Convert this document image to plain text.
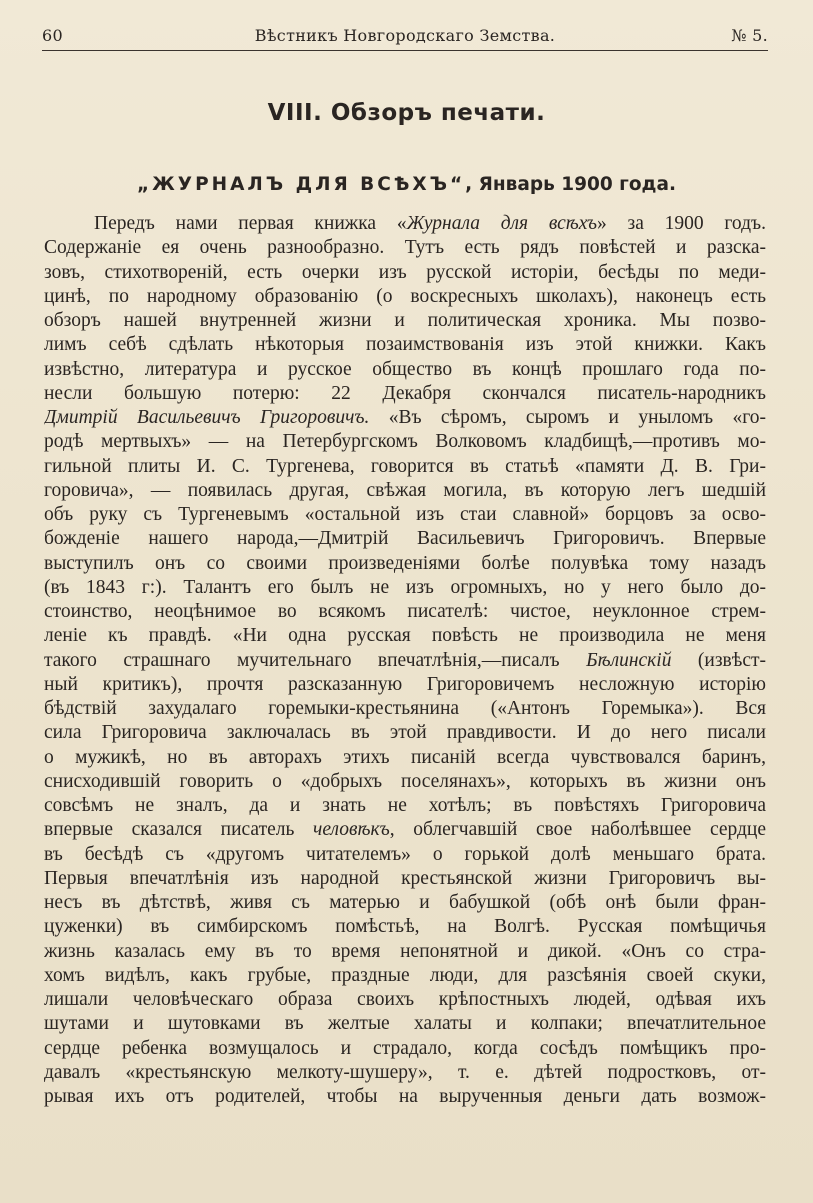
60	Вѣстникъ Новгородскаго Земства.	№ 5.
VIII. Обзоръ печати.
„ЖУРНАЛЪ ДЛЯ ВСѢХЪ“, Январь 1900 года.
Передъ нами первая книжка «Журнала для всѣхъ» за 1900 годъ.
Содержаніе ея очень разнообразно. Тутъ есть рядъ повѣстей и разска-
зовъ, стихотвореній, есть очерки изъ русской исторіи, бесѣды по меди-
цинѣ, по народному образованію (о воскресныхъ школахъ), наконецъ есть
обзоръ нашей внутренней жизни и политическая хроника. Мы позво-
лимъ себѣ сдѣлать нѣкоторыя позаимствованія изъ этой книжки. Какъ
извѣстно, литература и русское общество въ концѣ прошлаго года по-
несли большую потерю: 22 Декабря скончался писатель-народникъ
Дмитрій Васильевичъ Григоровичъ. «Въ сѣромъ, сыромъ и уныломъ «го-
родѣ мертвыхъ» — на Петербургскомъ Волковомъ кладбищѣ,—противъ мо-
гильной плиты И. С. Тургенева, говорится въ статьѣ «памяти Д. В. Гри-
горовича», — появилась другая, свѣжая могила, въ которую легъ шедшій
объ руку съ Тургеневымъ «остальной изъ стаи славной» борцовъ за осво-
божденіе нашего народа,—Дмитрій Васильевичъ Григоровичъ. Впервые
выступилъ онъ со своими произведеніями болѣе полувѣка тому назадъ
(въ 1843 г:). Талантъ его былъ не изъ огромныхъ, но у него было до-
стоинство, неоцѣнимое во всякомъ писателѣ: чистое, неуклонное стрем-
леніе къ правдѣ. «Ни одна русская повѣсть не производила не меня
такого страшнаго мучительнаго впечатлѣнія,—писалъ Бѣлинскій (извѣст-
ный критикъ), прочтя разсказанную Григоровичемъ несложную исторію
бѣдствій захудалаго горемыки-крестьянина («Антонъ Горемыка»). Вся
сила Григоровича заключалась въ этой правдивости. И до него писали
о мужикѣ, но въ авторахъ этихъ писаній всегда чувствовался баринъ,
снисходившій говорить о «добрыхъ поселянахъ», которыхъ въ жизни онъ
совсѣмъ не зналъ, да и знать не хотѣлъ; въ повѣстяхъ Григоровича
впервые сказался писатель человѣкъ, облегчавшій свое наболѣвшее сердце
въ бесѣдѣ съ «другомъ читателемъ» о горькой долѣ меньшаго брата.
Первыя впечатлѣнія изъ народной крестьянской жизни Григоровичъ вы-
несъ въ дѣтствѣ, живя съ матерью и бабушкой (обѣ онѣ были фран-
цуженки) въ симбирскомъ помѣстьѣ, на Волгѣ. Русская помѣщичья
жизнь казалась ему въ то время непонятной и дикой. «Онъ со стра-
хомъ видѣлъ, какъ грубые, праздные люди, для разсѣянія своей скуки,
лишали человѣческаго образа своихъ крѣпостныхъ людей, одѣвая ихъ
шутами и шутовками въ желтые халаты и колпаки; впечатлительное
сердце ребенка возмущалось и страдало, когда сосѣдъ помѣщикъ про-
давалъ «крестьянскую мелкоту-шушеру», т. е. дѣтей подростковъ, от-
рывая ихъ отъ родителей, чтобы на вырученныя деньги дать возмож-
